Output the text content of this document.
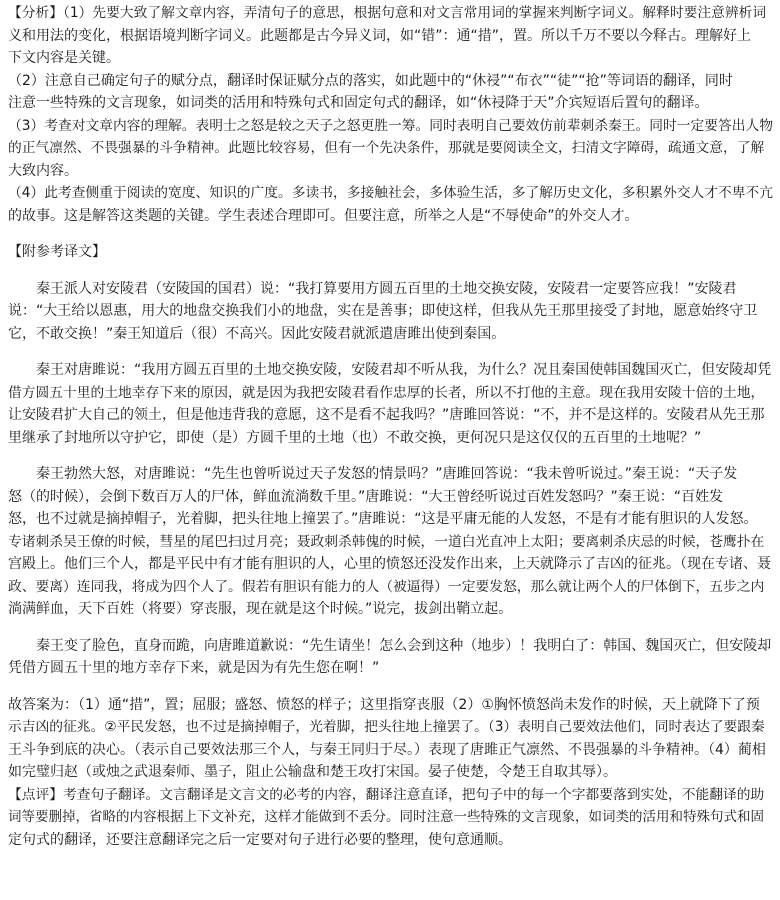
【分析】（1）先要大致了解文章内容，弄清句子的意思，根据句意和对文言常用词的掌握来判断字词义。解释时要注意辨析词
义和用法的变化，根据语境判断字词义。此题都是古今异义词，如“错”：通“措”，置。所以千万不要以今释古。理解好上
下文内容是关键。
（2）注意自己确定句子的赋分点，翻译时保证赋分点的落实，如此题中的“休祲”“布衣”“徒”“抢”等词语的翻译，同时
注意一些特殊的文言现象，如词类的活用和特殊句式和固定句式的翻译，如“休祲降于天”介宾短语后置句的翻译。
（3）考查对文章内容的理解。表明士之怒是较之天子之怒更胜一筹。同时表明自己要效仿前辈刺杀秦王。同时一定要答出人物
的正气凛然、不畏强暴的斗争精神。此题比较容易，但有一个先决条件，那就是要阅读全文，扫清文字障碍，疏通文意，了解
大致内容。
（4）此考查侧重于阅读的宽度、知识的广度。多读书，多接触社会，多体验生活，多了解历史文化，多积累外交人才不卑不亢
的故事。这是解答这类题的关键。学生表述合理即可。但要注意，所举之人是“不辱使命”的外交人才。
【附参考译文】
秦王派人对安陵君（安陵国的国君）说：“我打算要用方圆五百里的土地交换安陵，安陵君一定要答应我！”安陵君
说：“大王给以恩惠，用大的地盘交换我们小的地盘，实在是善事；即使这样，但我从先王那里接受了封地，愿意始终守卫
它，不敢交换！”秦王知道后（很）不高兴。因此安陵君就派遣唐雎出使到秦国。
秦王对唐雎说：“我用方圆五百里的土地交换安陵，安陵君却不听从我，为什么？况且秦国使韩国魏国灭亡，但安陵却凭
借方圆五十里的土地幸存下来的原因，就是因为我把安陵君看作忠厚的长者，所以不打他的主意。现在我用安陵十倍的土地，
让安陵君扩大自己的领土，但是他违背我的意愿，这不是看不起我吗？”唐雎回答说：“不，并不是这样的。安陵君从先王那
里继承了封地所以守护它，即使（是）方圆千里的土地（也）不敢交换，更何况只是这仅仅的五百里的土地呢？”
秦王勃然大怒，对唐雎说：“先生也曾听说过天子发怒的情景吗？”唐雎回答说：“我未曾听说过。”秦王说：“天子发
怒（的时候），会倒下数百万人的尸体，鲜血流淌数千里。”唐雎说：“大王曾经听说过百姓发怒吗？”秦王说：“百姓发
怒，也不过就是摘掉帽子，光着脚，把头往地上撞罢了。”唐雎说：“这是平庸无能的人发怒，不是有才能有胆识的人发怒。
专诸刺杀吴王僚的时候，彗星的尾巴扫过月亮；聂政刺杀韩傀的时候，一道白光直冲上太阳；要离刺杀庆忌的时候，苍鹰扑在
宫殿上。他们三个人，都是平民中有才能有胆识的人，心里的愤怒还没发作出来，上天就降示了吉凶的征兆。（现在专诸、聂
政、要离）连同我，将成为四个人了。假若有胆识有能力的人（被逼得）一定要发怒，那么就让两个人的尸体倒下，五步之内
淌满鲜血，天下百姓（将要）穿丧服，现在就是这个时候。”说完，拔剑出鞘立起。
秦王变了脸色，直身而跪，向唐雎道歉说：“先生请坐！怎么会到这种（地步）！我明白了：韩国、魏国灭亡，但安陵却
凭借方圆五十里的地方幸存下来，就是因为有先生您在啊！”
故答案为：（1）通“措”，置；屈服；盛怒、愤怒的样子；这里指穿丧服（2）①胸怀愤怒尚未发作的时候，天上就降下了预
示吉凶的征兆。②平民发怒，也不过是摘掉帽子，光着脚，把头往地上撞罢了。（3）表明自己要效法他们，同时表达了要跟秦
王斗争到底的决心。（表示自己要效法那三个人，与秦王同归于尽。）表现了唐雎正气凛然、不畏强暴的斗争精神。（4）蔺相
如完璧归赵（或烛之武退秦师、墨子，阻止公输盘和楚王攻打宋国。晏子使楚，令楚王自取其辱）。
【点评】考查句子翻译。文言翻译是文言文的必考的内容，翻译注意直译，把句子中的每一个字都要落到实处，不能翻译的助
词等要删掉，省略的内容根据上下文补充，这样才能做到不丢分。同时注意一些特殊的文言现象，如词类的活用和特殊句式和固
定句式的翻译，还要注意翻译完之后一定要对句子进行必要的整理，使句意通顺。
